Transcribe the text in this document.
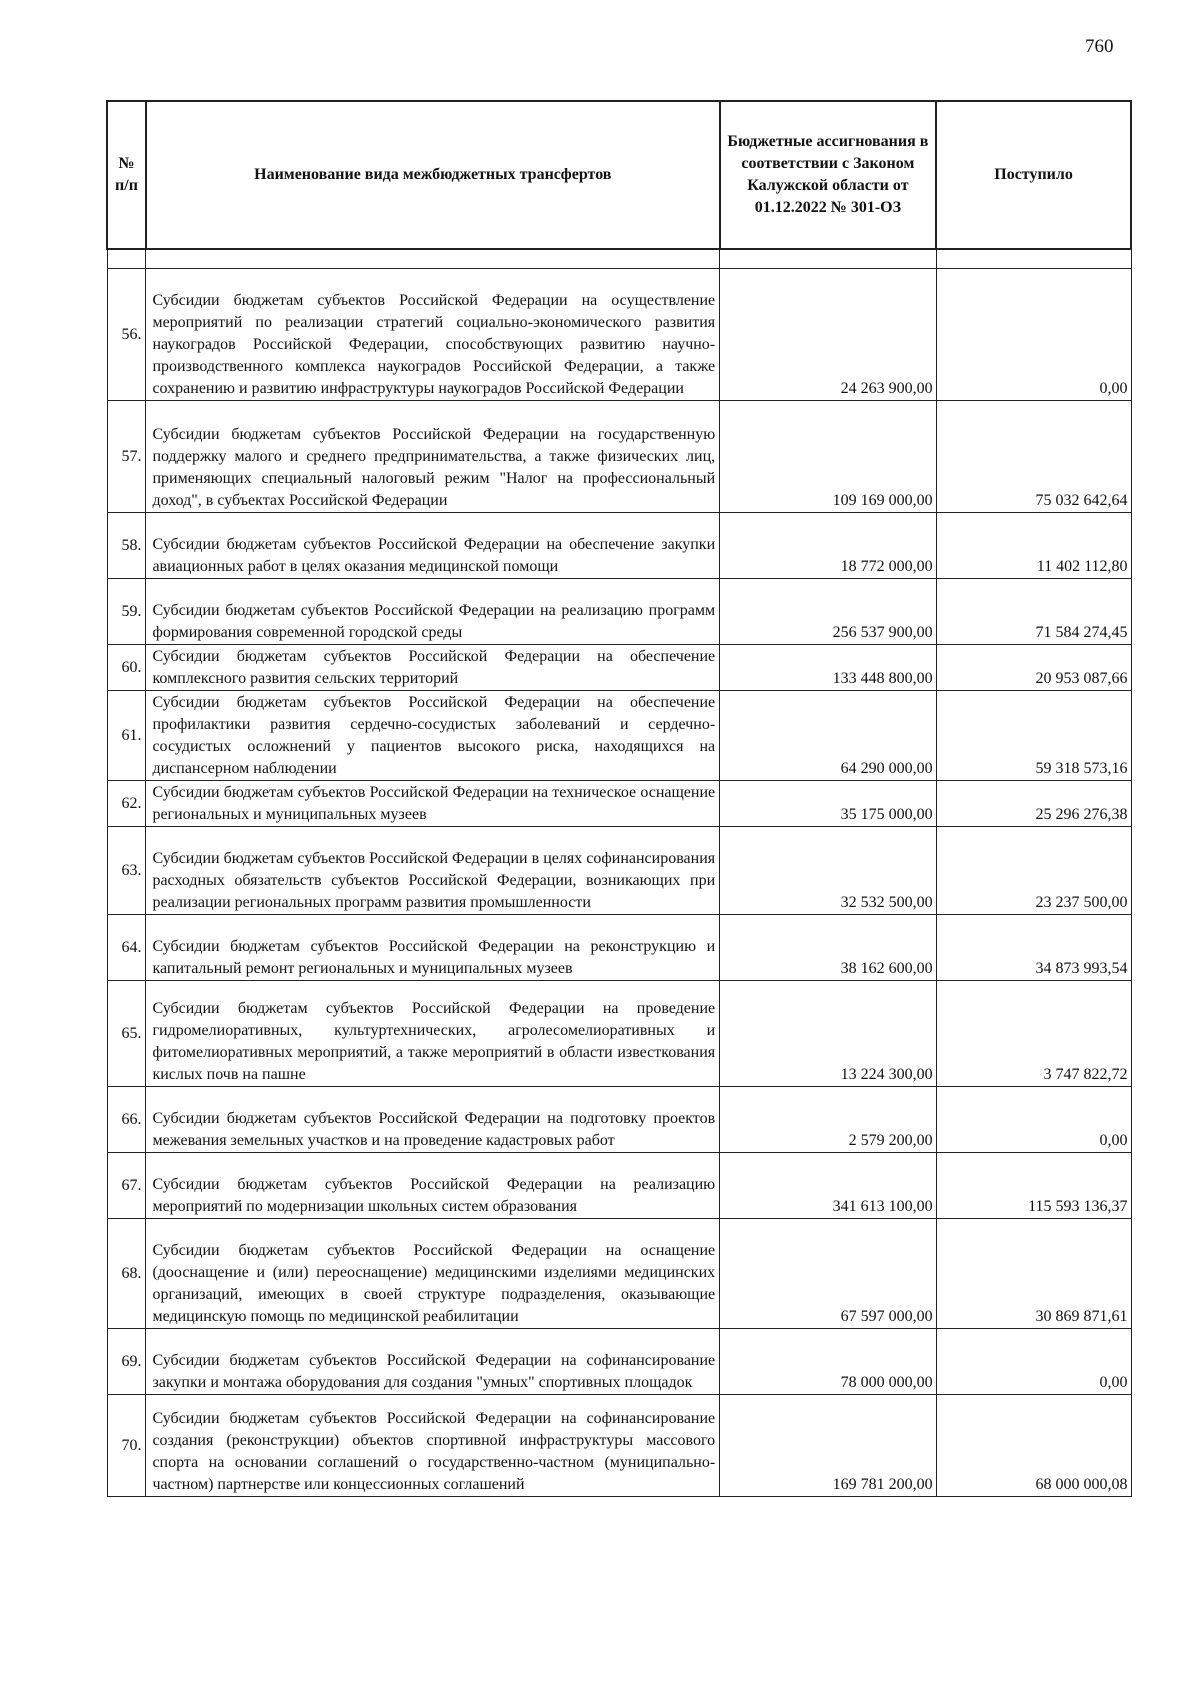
760
№ п/п	Наименование вида межбюджетных трансфертов	Бюджетные ассигнования в соответствии с Законом Калужской области от 01.12.2022 № 301-ОЗ	Поступило

56.	Субсидии бюджетам субъектов Российской Федерации на осуществление мероприятий по реализации стратегий социально-экономического развития наукоградов Российской Федерации, способствующих развитию научно-производственного комплекса наукоградов Российской Федерации, а также сохранению и развитию инфраструктуры наукоградов Российской Федерации	24 263 900,00	0,00
57.	Субсидии бюджетам субъектов Российской Федерации на государственную поддержку малого и среднего предпринимательства, а также физических лиц, применяющих специальный налоговый режим "Налог на профессиональный доход", в субъектах Российской Федерации	109 169 000,00	75 032 642,64
58.	Субсидии бюджетам субъектов Российской Федерации на обеспечение закупки авиационных работ в целях оказания медицинской помощи	18 772 000,00	11 402 112,80
59.	Субсидии бюджетам субъектов Российской Федерации на реализацию программ формирования современной городской среды	256 537 900,00	71 584 274,45
60.	Субсидии бюджетам субъектов Российской Федерации на обеспечение комплексного развития сельских территорий	133 448 800,00	20 953 087,66
61.	Субсидии бюджетам субъектов Российской Федерации на обеспечение профилактики развития сердечно-сосудистых заболеваний и сердечно-сосудистых осложнений у пациентов высокого риска, находящихся на диспансерном наблюдении	64 290 000,00	59 318 573,16
62.	Субсидии бюджетам субъектов Российской Федерации на техническое оснащение региональных и муниципальных музеев	35 175 000,00	25 296 276,38
63.	Субсидии бюджетам субъектов Российской Федерации в целях софинансирования расходных обязательств субъектов Российской Федерации, возникающих при реализации региональных программ развития промышленности	32 532 500,00	23 237 500,00
64.	Субсидии бюджетам субъектов Российской Федерации на реконструкцию и капитальный ремонт региональных и муниципальных музеев	38 162 600,00	34 873 993,54
65.	Субсидии бюджетам субъектов Российской Федерации на проведение гидромелиоративных, культуртехнических, агролесомелиоративных и фитомелиоративных мероприятий, а также мероприятий в области известкования кислых почв на пашне	13 224 300,00	3 747 822,72
66.	Субсидии бюджетам субъектов Российской Федерации на подготовку проектов межевания земельных участков и на проведение кадастровых работ	2 579 200,00	0,00
67.	Субсидии бюджетам субъектов Российской Федерации на реализацию мероприятий по модернизации школьных систем образования	341 613 100,00	115 593 136,37
68.	Субсидии бюджетам субъектов Российской Федерации на оснащение (дооснащение и (или) переоснащение) медицинскими изделиями медицинских организаций, имеющих в своей структуре подразделения, оказывающие медицинскую помощь по медицинской реабилитации	67 597 000,00	30 869 871,61
69.	Субсидии бюджетам субъектов Российской Федерации на софинансирование закупки и монтажа оборудования для создания "умных" спортивных площадок	78 000 000,00	0,00
70.	Субсидии бюджетам субъектов Российской Федерации на софинансирование создания (реконструкции) объектов спортивной инфраструктуры массового спорта на основании соглашений о государственно-частном (муниципально-частном) партнерстве или концессионных соглашений	169 781 200,00	68 000 000,08
